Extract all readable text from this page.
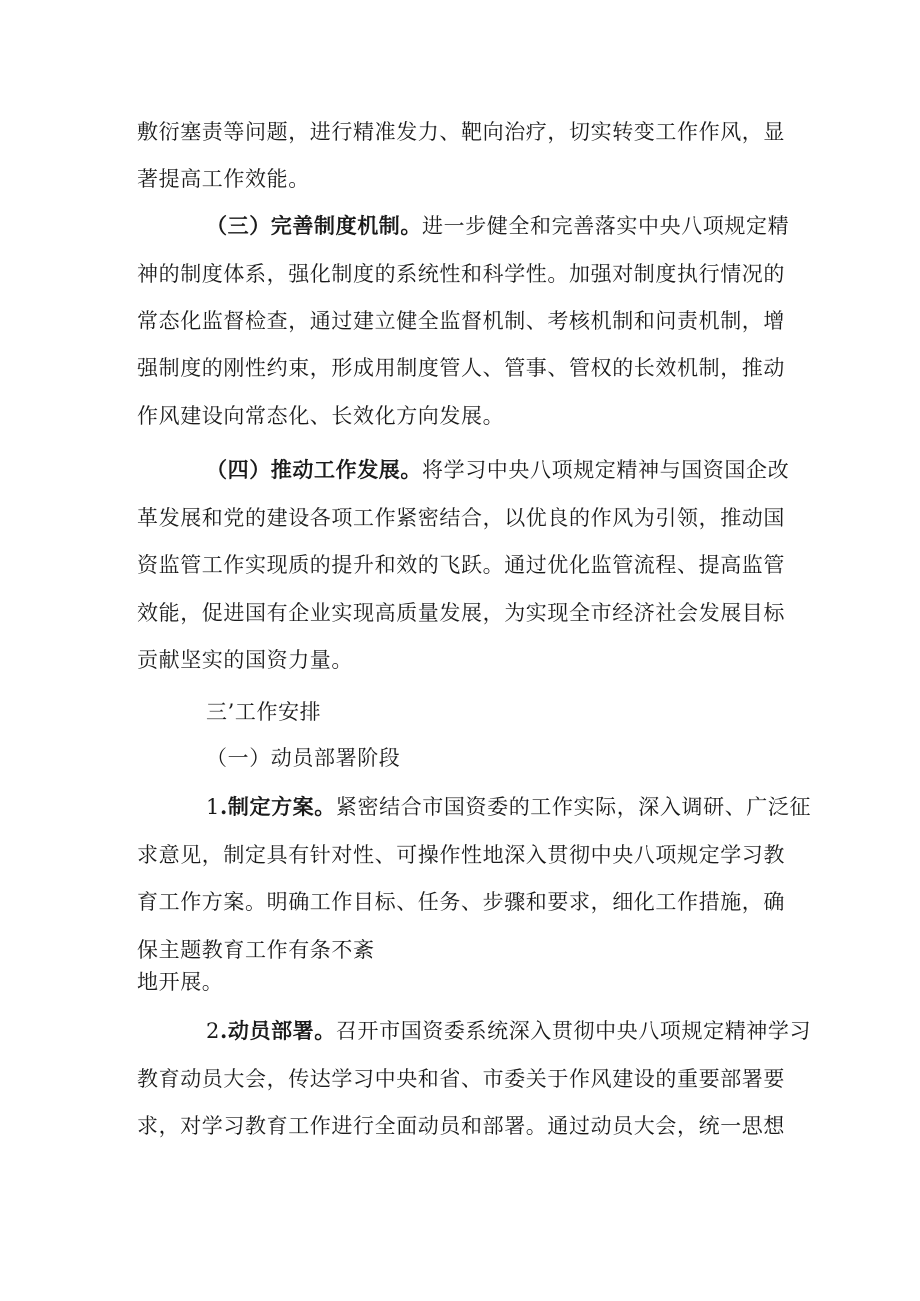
敷衍塞责等问题，进行精准发力、靶向治疗，切实转变工作作风，显
著提高工作效能。
（三）完善制度机制。进一步健全和完善落实中央八项规定精
神的制度体系，强化制度的系统性和科学性。加强对制度执行情况的
常态化监督检查，通过建立健全监督机制、考核机制和问责机制，增
强制度的刚性约束，形成用制度管人、管事、管权的长效机制，推动
作风建设向常态化、长效化方向发展。
（四）推动工作发展。将学习中央八项规定精神与国资国企改
革发展和党的建设各项工作紧密结合，以优良的作风为引领，推动国
资监管工作实现质的提升和效的飞跃。通过优化监管流程、提高监管
效能，促进国有企业实现高质量发展，为实现全市经济社会发展目标
贡献坚实的国资力量。
三’工作安排
（一）动员部署阶段
1.制定方案。紧密结合市国资委的工作实际，深入调研、广泛征
求意见，制定具有针对性、可操作性地深入贯彻中央八项规定学习教
育工作方案。明确工作目标、任务、步骤和要求，细化工作措施，确
保主题教育工作有条不紊
地开展。
2.动员部署。召开市国资委系统深入贯彻中央八项规定精神学习
教育动员大会，传达学习中央和省、市委关于作风建设的重要部署要
求，对学习教育工作进行全面动员和部署。通过动员大会，统一思想
